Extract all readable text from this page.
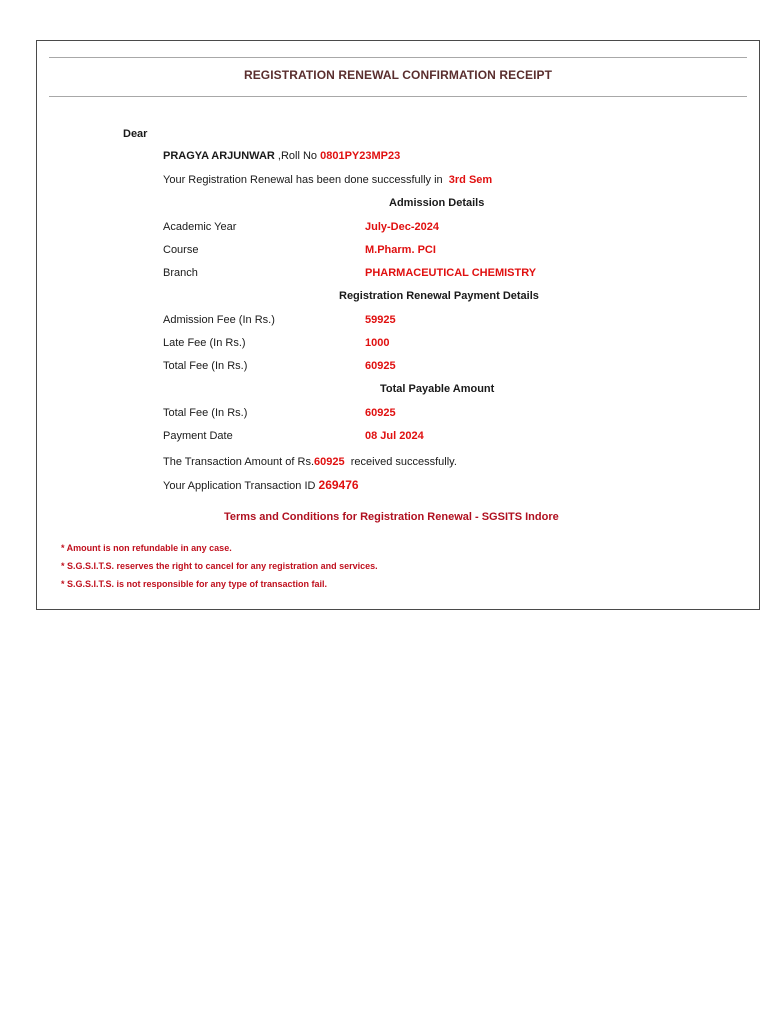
REGISTRATION RENEWAL CONFIRMATION RECEIPT
Dear
PRAGYA ARJUNWAR ,Roll No 0801PY23MP23
Your Registration Renewal has been done successfully in 3rd Sem
Admission Details
Academic Year	July-Dec-2024
Course	M.Pharm. PCI
Branch	PHARMACEUTICAL CHEMISTRY
Registration Renewal Payment Details
Admission Fee (In Rs.)	59925
Late Fee (In Rs.)	1000
Total Fee (In Rs.)	60925
Total Payable Amount
Total Fee (In Rs.)	60925
Payment Date	08 Jul 2024
The Transaction Amount of Rs.60925 received successfully.
Your Application Transaction ID 269476
Terms and Conditions for Registration Renewal - SGSITS Indore
* Amount is non refundable in any case.
* S.G.S.I.T.S. reserves the right to cancel for any registration and services.
* S.G.S.I.T.S. is not responsible for any type of transaction fail.
